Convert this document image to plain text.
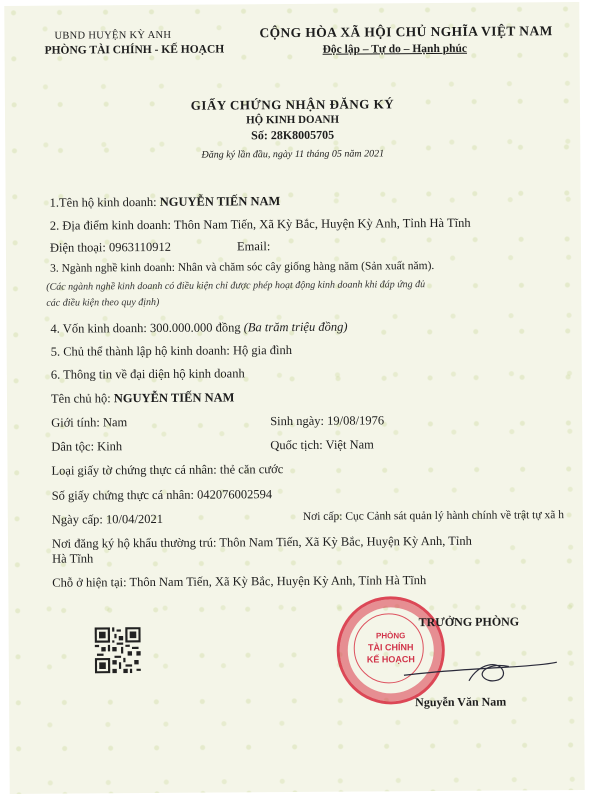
UBND HUYỆN KỲ ANH
PHÒNG TÀI CHÍNH - KẾ HOẠCH
CỘNG HÒA XÃ HỘI CHỦ NGHĨA VIỆT NAM
Độc lập – Tự do – Hạnh phúc
GIẤY CHỨNG NHẬN ĐĂNG KÝ
HỘ KINH DOANH
Số: 28K8005705
Đăng ký lần đầu, ngày 11 tháng 05 năm 2021
1.Tên hộ kinh doanh: NGUYỄN TIẾN NAM
2. Địa điểm kinh doanh: Thôn Nam Tiến, Xã Kỳ Bắc, Huyện Kỳ Anh, Tỉnh Hà Tĩnh
Điện thoại: 0963110912	Email:
3. Ngành nghề kinh doanh: Nhân và chăm sóc cây giống hàng năm (Sản xuất năm).
(Các ngành nghề kinh doanh có điều kiện chỉ được phép hoạt động kinh doanh khi đáp ứng đủ
các điều kiện theo quy định)
4. Vốn kinh doanh: 300.000.000 đồng (Ba trăm triệu đồng)
5. Chủ thể thành lập hộ kinh doanh: Hộ gia đình
6. Thông tin về đại diện hộ kinh doanh
Tên chủ hộ: NGUYỄN TIẾN NAM
Giới tính: Nam	Sinh ngày: 19/08/1976
Dân tộc: Kinh	Quốc tịch: Việt Nam
Loại giấy tờ chứng thực cá nhân: thẻ căn cước
Số giấy chứng thực cá nhân: 042076002594
Ngày cấp: 10/04/2021	Nơi cấp: Cục Cảnh sát quản lý hành chính về trật tự xã h
Nơi đăng ký hộ khẩu thường trú: Thôn Nam Tiến, Xã Kỳ Bắc, Huyện Kỳ Anh, Tỉnh
Hà Tĩnh
Chỗ ở hiện tại: Thôn Nam Tiến, Xã Kỳ Bắc, Huyện Kỳ Anh, Tỉnh Hà Tĩnh
PHÒNG
TÀI CHÍNH
KẾ HOẠCH
TRƯỞNG PHÒNG
Nguyễn Văn Nam
